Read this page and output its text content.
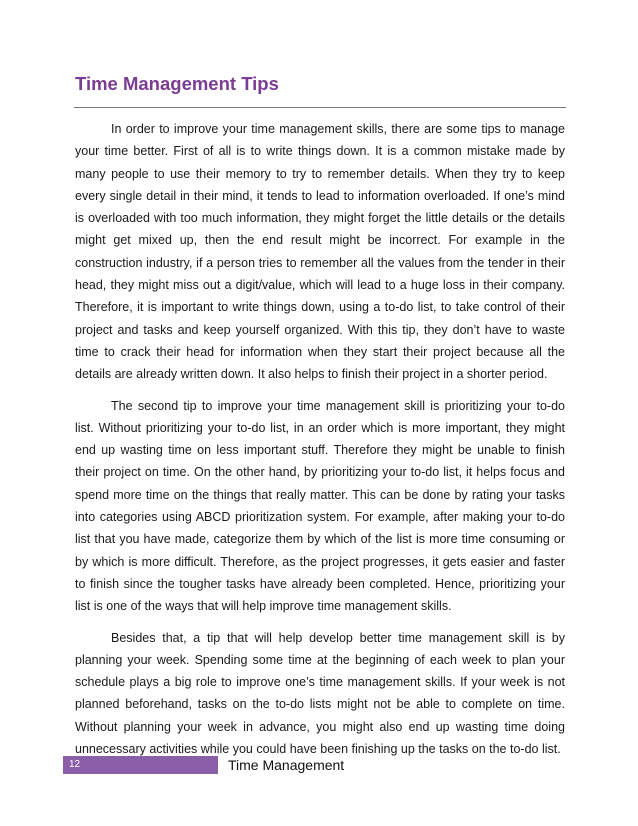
Time Management Tips

In order to improve your time management skills, there are some tips to manage your time better. First of all is to write things down. It is a common mistake made by many people to use their memory to try to remember details. When they try to keep every single detail in their mind, it tends to lead to information overloaded. If one’s mind is overloaded with too much information, they might forget the little details or the details might get mixed up, then the end result might be incorrect. For example in the construction industry, if a person tries to remember all the values from the tender in their head, they might miss out a digit/value, which will lead to a huge loss in their company. Therefore, it is important to write things down, using a to-do list, to take control of their project and tasks and keep yourself organized. With this tip, they don’t have to waste time to crack their head for information when they start their project because all the details are already written down. It also helps to finish their project in a shorter period.

The second tip to improve your time management skill is prioritizing your to-do list. Without prioritizing your to-do list, in an order which is more important, they might end up wasting time on less important stuff. Therefore they might be unable to finish their project on time. On the other hand, by prioritizing your to-do list, it helps focus and spend more time on the things that really matter. This can be done by rating your tasks into categories using ABCD prioritization system. For example, after making your to-do list that you have made, categorize them by which of the list is more time consuming or by which is more difficult. Therefore, as the project progresses, it gets easier and faster to finish since the tougher tasks have already been completed. Hence, prioritizing your list is one of the ways that will help improve time management skills.

Besides that, a tip that will help develop better time management skill is by planning your week. Spending some time at the beginning of each week to plan your schedule plays a big role to improve one’s time management skills. If your week is not planned beforehand, tasks on the to-do lists might not be able to complete on time. Without planning your week in advance, you might also end up wasting time doing unnecessary activities while you could have been finishing up the tasks on the to-do list.

12	Time Management
